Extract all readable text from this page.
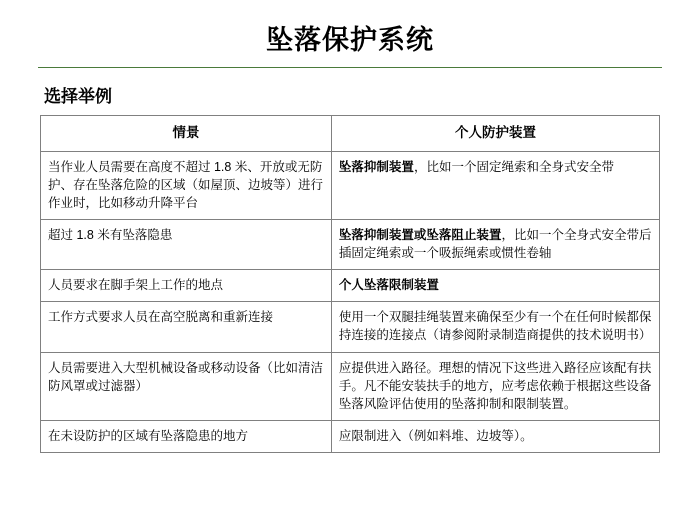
坠落保护系统
选择举例
情景	个人防护装置
当作业人员需要在高度不超过 1.8 米、开放或无防护、存在坠落危险的区域（如屋顶、边坡等）进行作业时，比如移动升降平台	坠落抑制装置，比如一个固定绳索和全身式安全带
超过 1.8 米有坠落隐患	坠落抑制装置或坠落阻止装置，比如一个全身式安全带后插固定绳索或一个吸振绳索或惯性卷轴
人员要求在脚手架上工作的地点	个人坠落限制装置
工作方式要求人员在高空脱离和重新连接	使用一个双腿挂绳装置来确保至少有一个在任何时候都保持连接的连接点（请参阅附录制造商提供的技术说明书）
人员需要进入大型机械设备或移动设备（比如清洁防风罩或过滤器）	应提供进入路径。理想的情况下这些进入路径应该配有扶手。凡不能安装扶手的地方，应考虑依赖于根据这些设备坠落风险评估使用的坠落抑制和限制装置。
在未设防护的区域有坠落隐患的地方	应限制进入（例如料堆、边坡等）。
